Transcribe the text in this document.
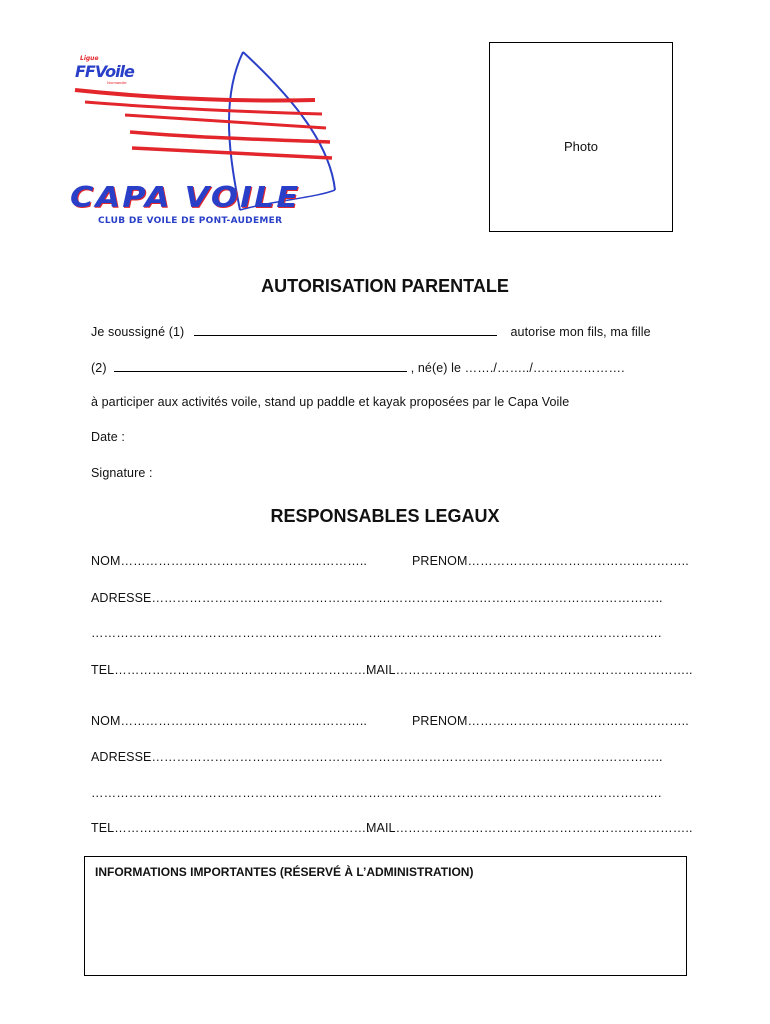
Ligue
FFVoile
Normandie
CAPA VOILE
CLUB DE VOILE DE PONT-AUDEMER
Photo
AUTORISATION PARENTALE
Je soussigné (1)	autorise mon fils, ma fille
(2)	, né(e) le ……./……../………………….
à participer aux activités voile, stand up paddle et kayak proposées par le Capa Voile
Date :
Signature :
RESPONSABLES LEGAUX
NOM…………………………………………………..	PRENOM……………………………………………..
ADRESSE…………………………………………………………………………………………………………..
……………………………………………………………………………………………………………………….
TEL…………………………………………………….
MAIL……………………………………………………………..
NOM…………………………………………………..	PRENOM……………………………………………..
ADRESSE…………………………………………………………………………………………………………..
……………………………………………………………………………………………………………………….
TEL…………………………………………………….
MAIL……………………………………………………………..
INFORMATIONS IMPORTANTES (RÉSERVÉ À L’ADMINISTRATION)
